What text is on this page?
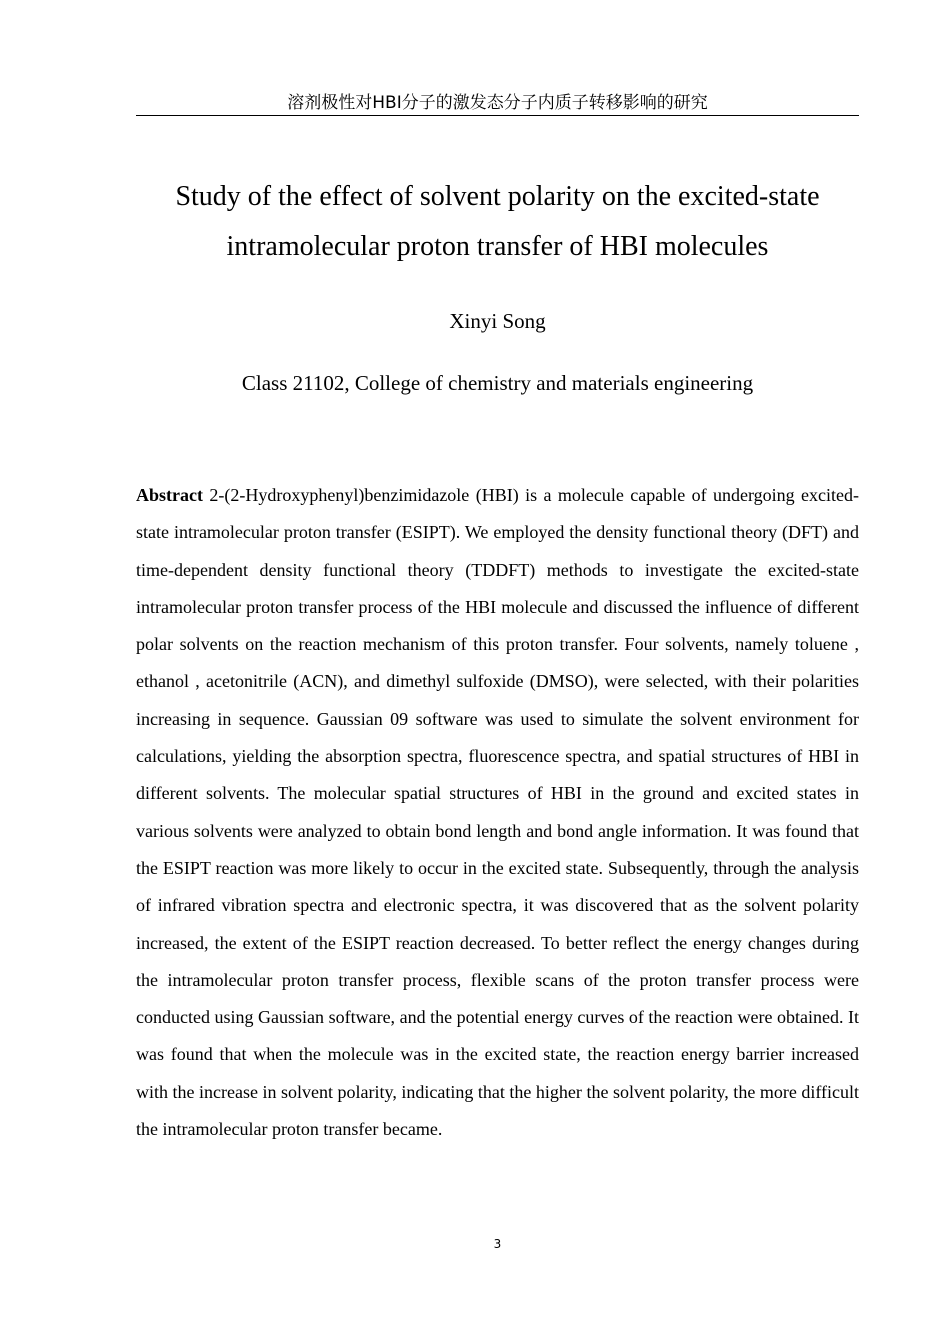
溶剂极性对HBI分子的激发态分子内质子转移影响的研究
Study of the effect of solvent polarity on the excited-state
intramolecular proton transfer of HBI molecules
Xinyi Song
Class 21102, College of chemistry and materials engineering

Abstract 2-(2-Hydroxyphenyl)benzimidazole (HBI) is a molecule capable of undergoing excited-state intramolecular proton transfer (ESIPT). We employed the density functional theory (DFT) and time-dependent density functional theory (TDDFT) methods to investigate the excited-state intramolecular proton transfer process of the HBI molecule and discussed the influence of different polar solvents on the reaction mechanism of this proton transfer. Four solvents, namely toluene , ethanol , acetonitrile (ACN), and dimethyl sulfoxide (DMSO), were selected, with their polarities increasing in sequence. Gaussian 09 software was used to simulate the solvent environment for calculations, yielding the absorption spectra, fluorescence spectra, and spatial structures of HBI in different solvents. The molecular spatial structures of HBI in the ground and excited states in various solvents were analyzed to obtain bond length and bond angle information. It was found that the ESIPT reaction was more likely to occur in the excited state. Subsequently, through the analysis of infrared vibration spectra and electronic spectra, it was discovered that as the solvent polarity increased, the extent of the ESIPT reaction decreased. To better reflect the energy changes during the intramolecular proton transfer process, flexible scans of the proton transfer process were conducted using Gaussian software, and the potential energy curves of the reaction were obtained. It was found that when the molecule was in the excited state, the reaction energy barrier increased with the increase in solvent polarity, indicating that the higher the solvent polarity, the more difficult the intramolecular proton transfer became.

3
